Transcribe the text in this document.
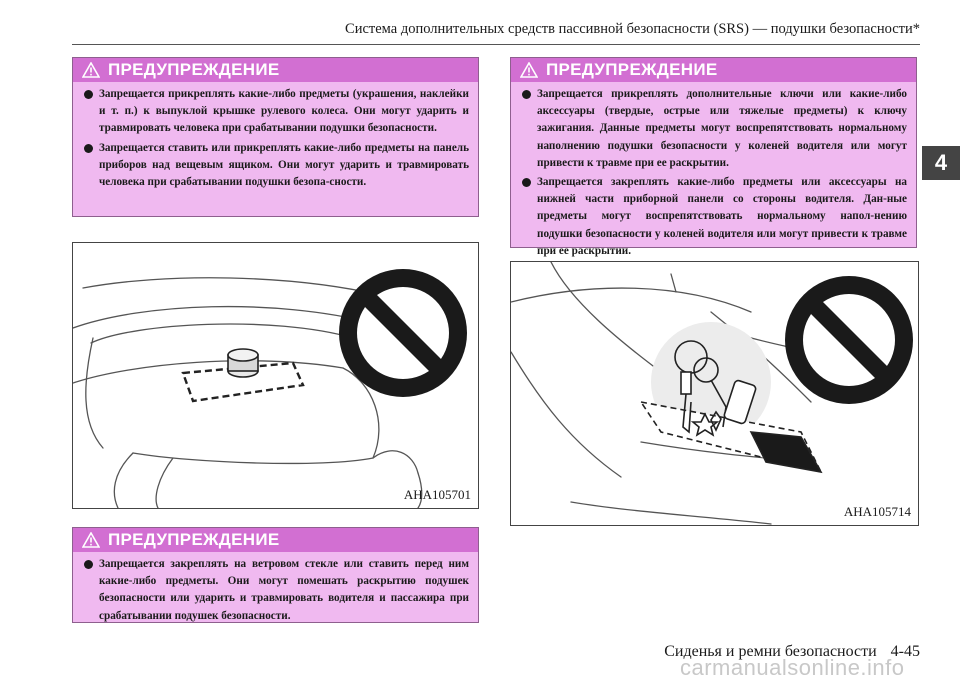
Система дополнительных средств пассивной безопасности (SRS) — подушки безопасности*
4
ПРЕДУПРЕЖДЕНИЕ
Запрещается прикреплять какие-либо предметы (украшения, наклейки и т. п.) к выпуклой крышке рулевого колеса. Они могут ударить и травмировать человека при срабатывании подушки безопасности.
Запрещается ставить или прикреплять какие-либо предметы на панель приборов над вещевым ящиком. Они могут ударить и травмировать человека при срабатывании подушки безопа-сности.
ПРЕДУПРЕЖДЕНИЕ
Запрещается прикреплять дополнительные ключи или какие-либо аксессуары (твердые, острые или тяжелые предметы) к ключу зажигания. Данные предметы могут воспрепятствовать нормальному наполнению подушки безопасности у коленей водителя или могут привести к травме при ее раскрытии.
Запрещается закреплять какие-либо предметы или аксессуары на нижней части приборной панели со стороны водителя. Дан-ные предметы могут воспрепятствовать нормальному напол-нению подушки безопасности у коленей водителя или могут привести к травме при ее раскрытии.
AHA105701
AHA105714
ПРЕДУПРЕЖДЕНИЕ
Запрещается закреплять на ветровом стекле или ставить перед ним какие-либо предметы. Они могут помешать раскрытию подушек безопасности или ударить и травмировать водителя и пассажира при срабатывании подушек безопасности.
Сиденья и ремни безопасности 4-45
carmanualsonline.info
